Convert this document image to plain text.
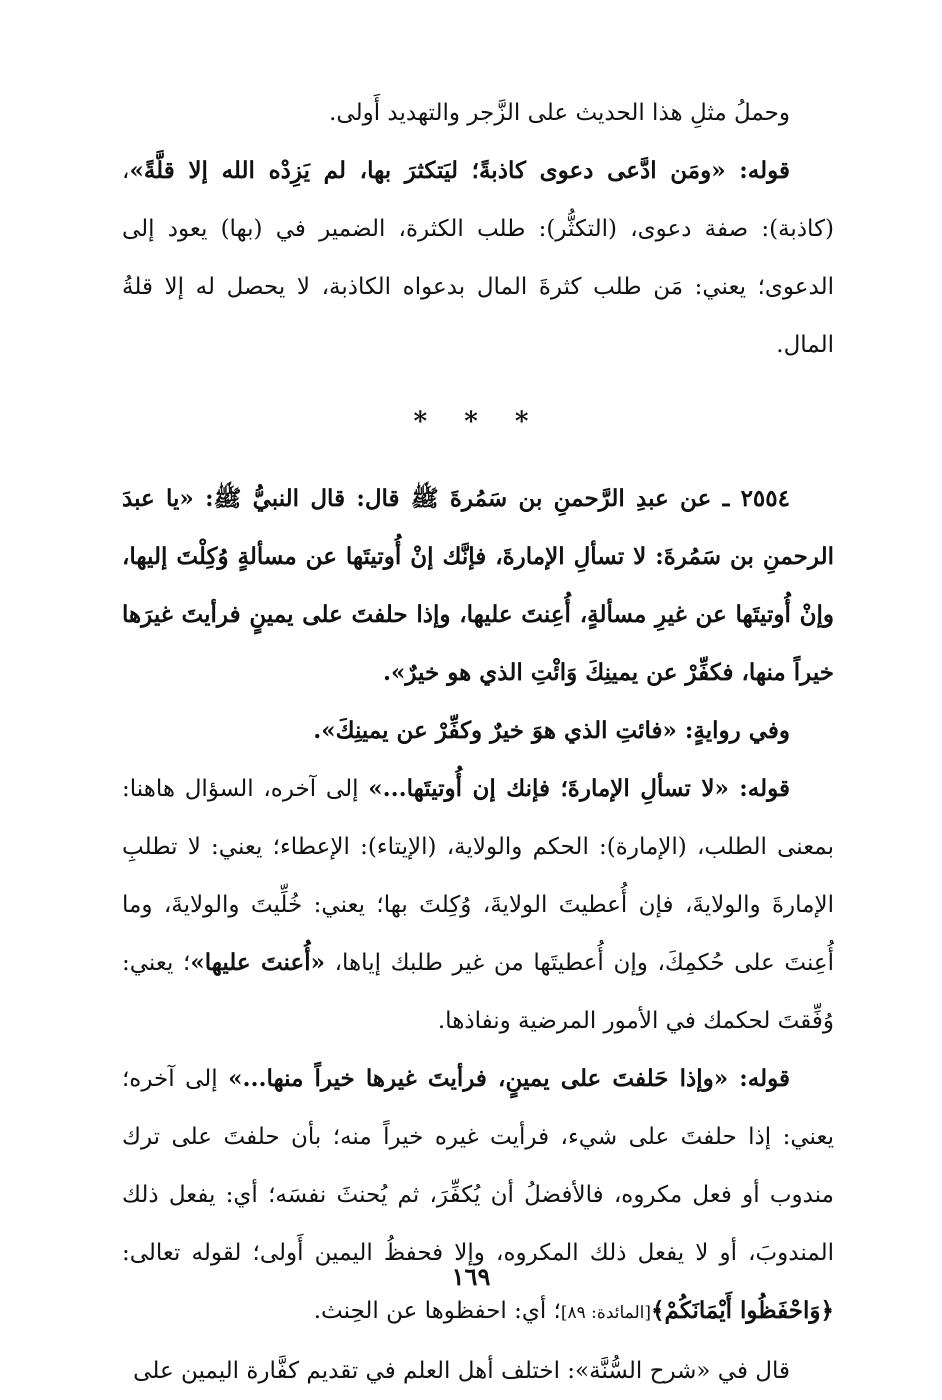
وحملُ مثلِ هذا الحديث على الزَّجر والتهديد أَولى.

قوله: «ومَن ادَّعى دعوى كاذبةً؛ ليَتكثرَ بها، لم يَزِدْه الله إلا قلَّةً»، (كاذبة): صفة دعوى، (التكثُّر): طلب الكثرة، الضمير في (بها) يعود إلى الدعوى؛ يعني: مَن طلب كثرةَ المال بدعواه الكاذبة، لا يحصل له إلا قلةُ المال.

* * *

٢٥٥٤ ـ عن عبدِ الرَّحمنِ بن سَمُرةَ ﷺ قال: قال النبيُّ ﷺ: «يا عبدَ الرحمنِ بن سَمُرةَ: لا تسألِ الإمارةَ، فإنَّك إنْ أُوتيتَها عن مسألةٍ وُكِلْتَ إليها، وإنْ أُوتيتَها عن غيرِ مسألةٍ، أُعِنتَ عليها، وإذا حلفتَ على يمينٍ فرأيتَ غيرَها خيراً منها، فكفِّرْ عن يمينِكَ وَائْتِ الذي هو خيرٌ».

وفي روايةٍ: «فائتِ الذي هوَ خيرٌ وكفِّرْ عن يمينِكَ».

قوله: «لا تسألِ الإمارةَ؛ فإنك إن أُوتيتَها...» إلى آخره، السؤال هاهنا: بمعنى الطلب، (الإمارة): الحكم والولاية، (الإيتاء): الإعطاء؛ يعني: لا تطلبِ الإمارةَ والولايةَ، فإن أُعطيتَ الولايةَ، وُكِلتَ بها؛ يعني: خُلِّيتَ والولايةَ، وما أُعِنتَ على حُكمِكَ، وإن أُعطيتَها من غير طلبك إياها، «أُعنتَ عليها»؛ يعني: وُفِّقتَ لحكمك في الأمور المرضية ونفاذها.

قوله: «وإذا حَلفتَ على يمينٍ، فرأيتَ غيرها خيراً منها...» إلى آخره؛ يعني: إذا حلفتَ على شيء، فرأيت غيره خيراً منه؛ بأن حلفتَ على ترك مندوب أو فعل مكروه، فالأفضلُ أن يُكفِّرَ، ثم يُحنثَ نفسَه؛ أي: يفعل ذلك المندوبَ، أو لا يفعل ذلك المكروه، وإلا فحفظُ اليمين أَولى؛ لقوله تعالى: ﴿وَاحْفَظُوا أَيْمَانَكُمْ﴾[المائدة: ٨٩]؛ أي: احفظوها عن الحِنث.

قال في «شرح السُّنَّة»: اختلف أهل العلم في تقديم كفَّارة اليمين على

١٦٩
